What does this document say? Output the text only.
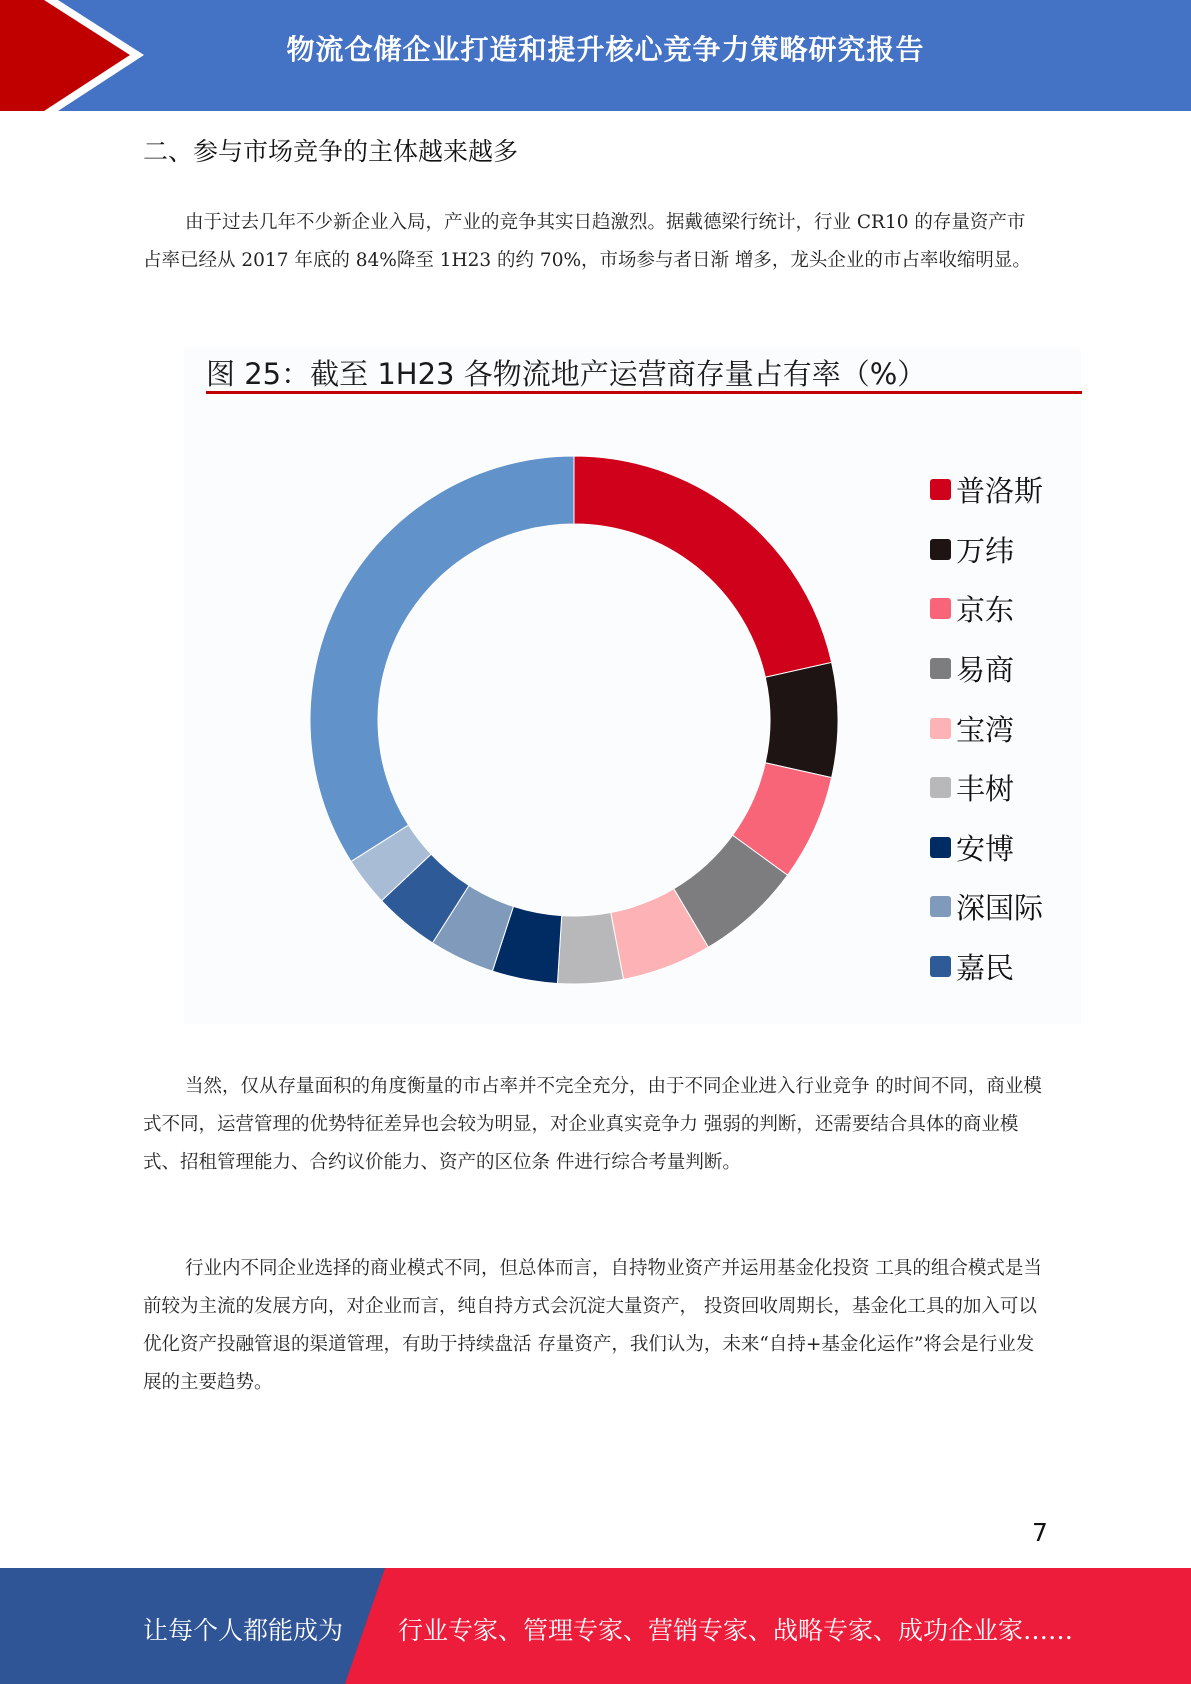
物流仓储企业打造和提升核心竞争力策略研究报告
二、参与市场竞争的主体越来越多

由于过去几年不少新企业入局，产业的竞争其实日趋激烈。据戴德梁行统计，行业 CR10 的存量资产市占率已经从 2017 年底的 84%降至 1H23 的约 70%，市场参与者日渐 增多，龙头企业的市占率收缩明显。

图 25：截至 1H23 各物流地产运营商存量占有率（%）
普洛斯
万纬
京东
易商
宝湾
丰树
安博
深国际
嘉民

当然，仅从存量面积的角度衡量的市占率并不完全充分，由于不同企业进入行业竞争 的时间不同，商业模式不同，运营管理的优势特征差异也会较为明显，对企业真实竞争力 强弱的判断，还需要结合具体的商业模式、招租管理能力、合约议价能力、资产的区位条 件进行综合考量判断。

行业内不同企业选择的商业模式不同，但总体而言，自持物业资产并运用基金化投资 工具的组合模式是当前较为主流的发展方向，对企业而言，纯自持方式会沉淀大量资产， 投资回收周期长，基金化工具的加入可以优化资产投融管退的渠道管理，有助于持续盘活 存量资产，我们认为，未来“自持+基金化运作”将会是行业发展的主要趋势。

7
让每个人都能成为 行业专家、管理专家、营销专家、战略专家、成功企业家……
